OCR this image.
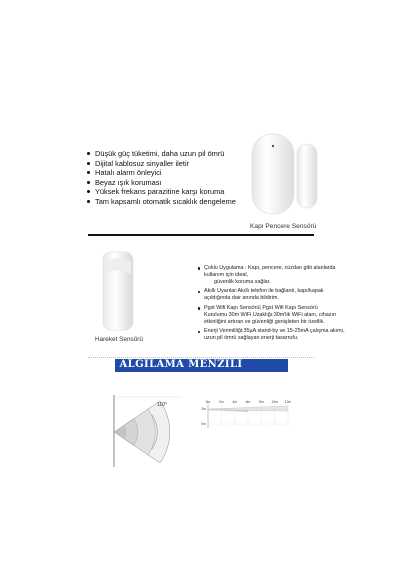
Düşük güç tüketimi, daha uzun pil ömrü
Dijital kablosuz sinyaller iletir
Hatalı alarm önleyici
Beyaz ışık koruması
Yüksek frekans parazitine karşı koruma
Tam kapsamlı otomatik sıcaklık dengeleme
Kapı Pencere Sensörü
Hareket Sensörü
Çoklu Uygulama : Kapı, pencere, cüzdan gibi alanlarda
kullanım için ideal,
güvenlik koruma sağlar.
Akıllı Uyarılar:Akıllı telefon ile bağlantı, kapı/kapak
açıldığında dair anında bildirim.
Pgst Wifi Kapı Sensörü| Pgst Wifi Kapı Sensörü
Kurulumu 30m WiFi Uzaklığı:30m'lik WiFi alanı, cihazın
etkinliğini artıran ve güvenliği genişleten bir özellik.
Enerji Verimliliği:35µA stand-by ve 15-25mA çalışma akımı,
uzun pil ömrü sağlayan enerji tasarrufu.
ALGILAMA MENZİLİ
110°	0m	2m	4m	6m	8m 10m 12m
2m
0m
